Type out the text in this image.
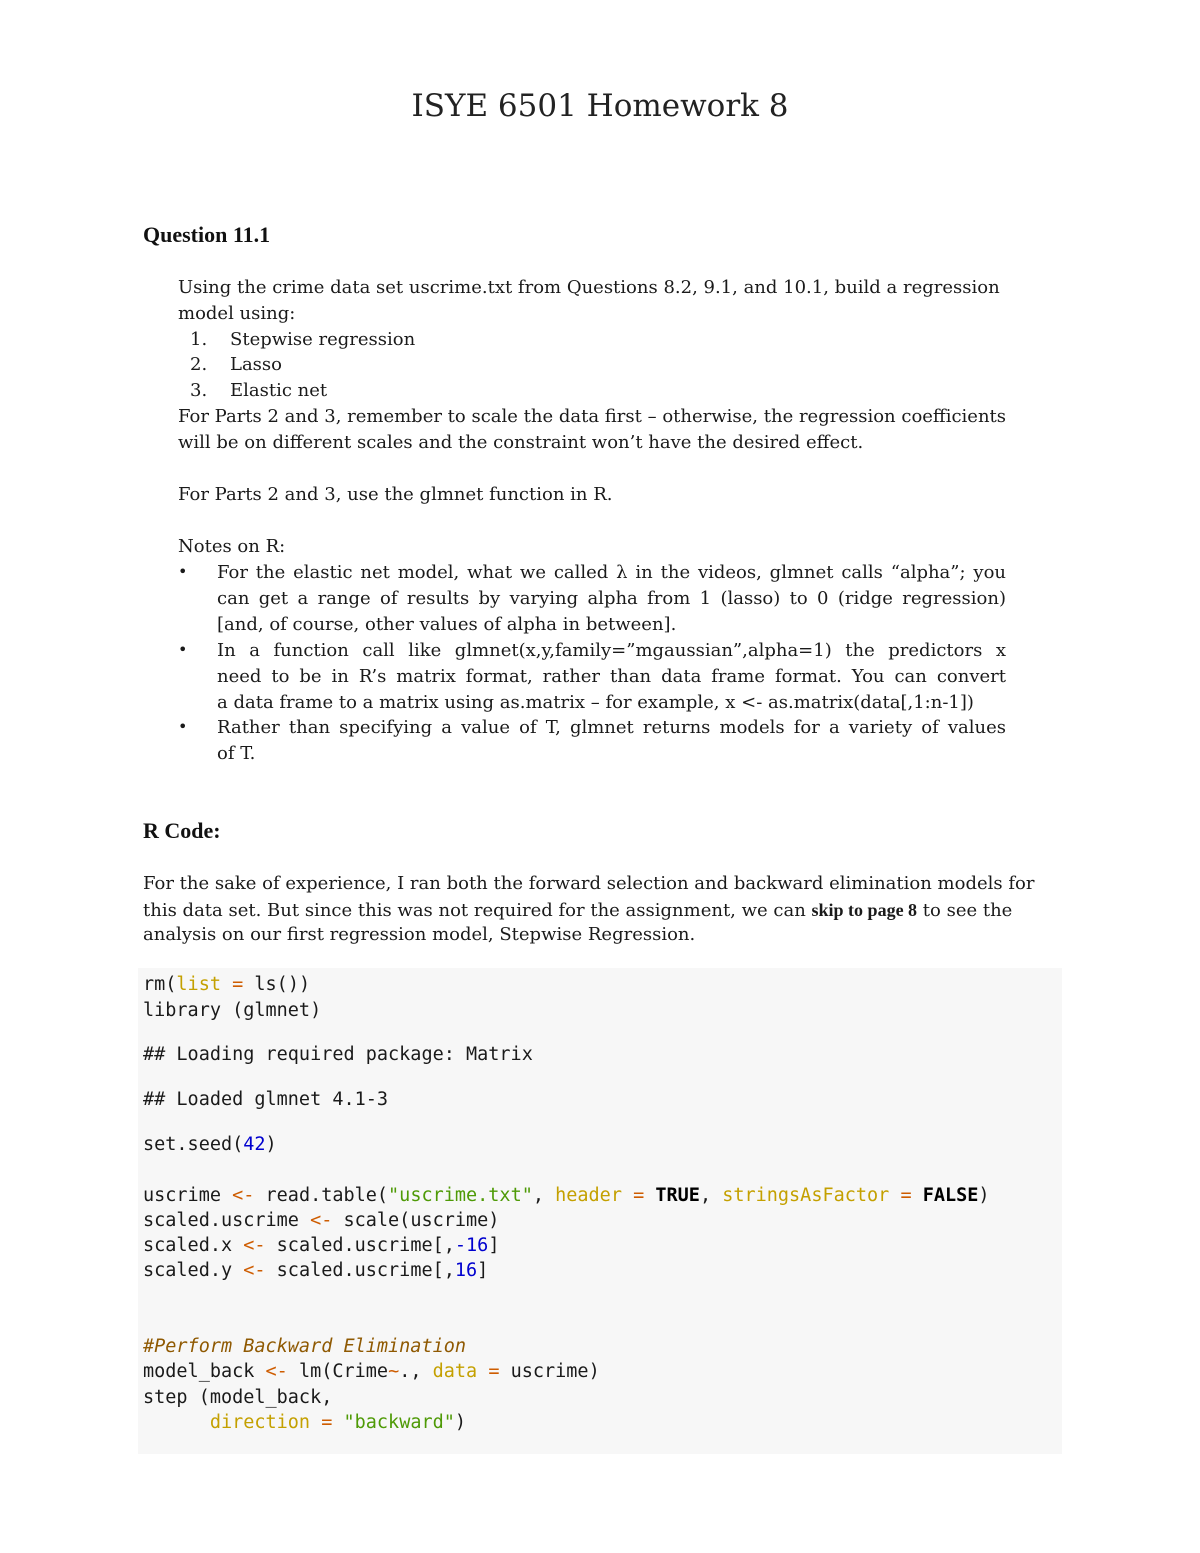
ISYE 6501 Homework 8
Question 11.1
Using the crime data set uscrime.txt from Questions 8.2, 9.1, and 10.1, build a regression
model using:
1. Stepwise regression
2. Lasso
3. Elastic net
For Parts 2 and 3, remember to scale the data first – otherwise, the regression coefficients
will be on different scales and the constraint won’t have the desired effect.
For Parts 2 and 3, use the glmnet function in R.
Notes on R:
• For the elastic net model, what we called λ in the videos, glmnet calls “alpha”; you
can get a range of results by varying alpha from 1 (lasso) to 0 (ridge regression)
[and, of course, other values of alpha in between].
• In a function call like glmnet(x,y,family=”mgaussian”,alpha=1) the predictors x
need to be in R’s matrix format, rather than data frame format. You can convert
a data frame to a matrix using as.matrix – for example, x <- as.matrix(data[,1:n-1])
• Rather than specifying a value of T, glmnet returns models for a variety of values
of T.
R Code:
For the sake of experience, I ran both the forward selection and backward elimination models for
this data set. But since this was not required for the assignment, we can skip to page 8 to see the
analysis on our first regression model, Stepwise Regression.
rm(list = ls())
library (glmnet)
## Loading required package: Matrix
## Loaded glmnet 4.1-3
set.seed(42)
uscrime <- read.table("uscrime.txt", header = TRUE, stringsAsFactor = FALSE)
scaled.uscrime <- scale(uscrime)
scaled.x <- scaled.uscrime[,-16]
scaled.y <- scaled.uscrime[,16]
#Perform Backward Elimination
model_back <- lm(Crime~., data = uscrime)
step (model_back,
direction = "backward")
